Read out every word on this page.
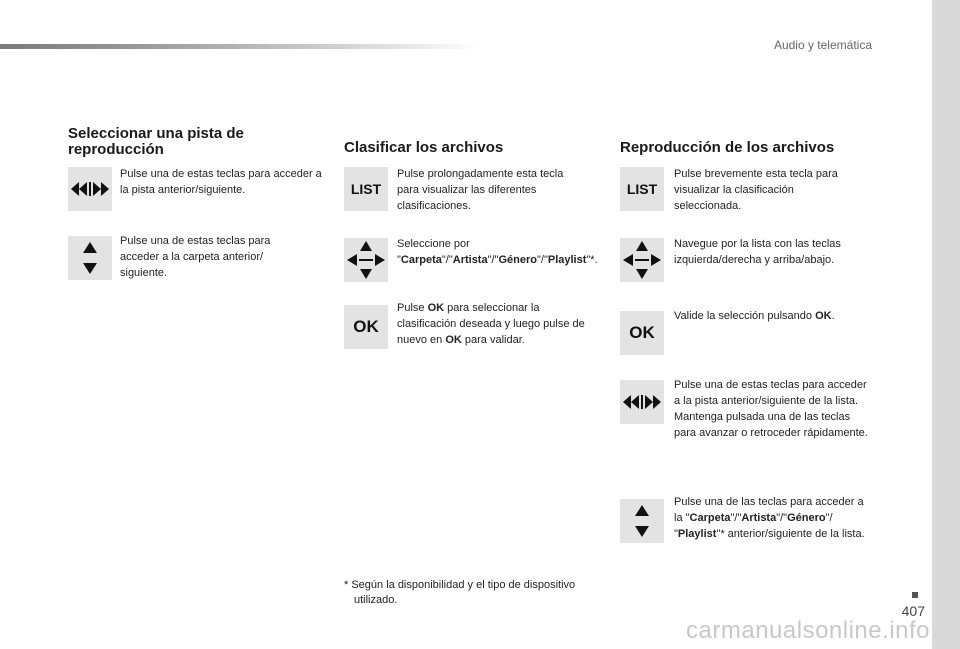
Audio y telemática
Seleccionar una pista de reproducción
Pulse una de estas teclas para acceder a la pista anterior/siguiente.
Pulse una de estas teclas para acceder a la carpeta anterior/ siguiente.
Clasificar los archivos
LIST
Pulse prolongadamente esta tecla para visualizar las diferentes clasificaciones.
Seleccione por "Carpeta"/"Artista"/"Género"/"Playlist"*.
OK
Pulse OK para seleccionar la clasificación deseada y luego pulse de nuevo en OK para validar.
* Según la disponibilidad y el tipo de dispositivo
utilizado.
Reproducción de los archivos
LIST
Pulse brevemente esta tecla para visualizar la clasificación seleccionada.
Navegue por la lista con las teclas izquierda/derecha y arriba/abajo.
OK
Valide la selección pulsando OK.
Pulse una de estas teclas para acceder a la pista anterior/siguiente de la lista.
Mantenga pulsada una de las teclas para avanzar o retroceder rápidamente.
Pulse una de las teclas para acceder a la "Carpeta"/"Artista"/"Género"/ "Playlist"* anterior/siguiente de la lista.
407
carmanualsonline.info
